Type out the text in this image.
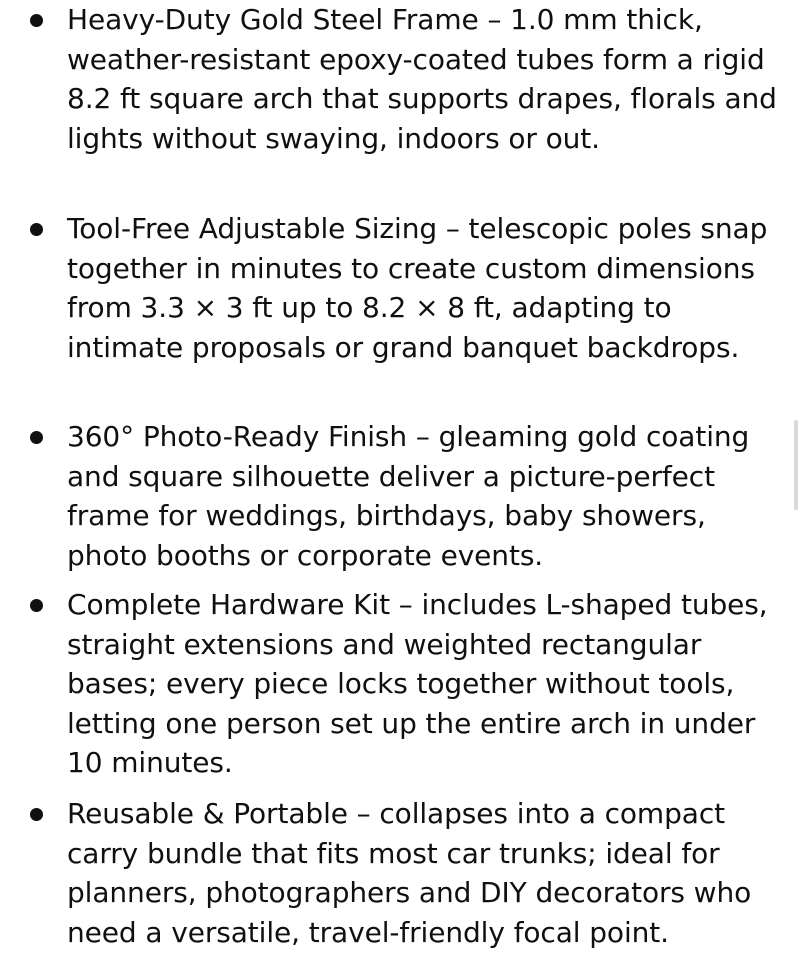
Heavy-Duty Gold Steel Frame – 1.0 mm thick, weather-resistant epoxy-coated tubes form a rigid 8.2 ft square arch that supports drapes, florals and lights without swaying, indoors or out.
Tool-Free Adjustable Sizing – telescopic poles snap together in minutes to create custom dimensions from 3.3 × 3 ft up to 8.2 × 8 ft, adapting to intimate proposals or grand banquet backdrops.
360° Photo-Ready Finish – gleaming gold coating and square silhouette deliver a picture-perfect frame for weddings, birthdays, baby showers, photo booths or corporate events.
Complete Hardware Kit – includes L-shaped tubes, straight extensions and weighted rectangular bases; every piece locks together without tools, letting one person set up the entire arch in under 10 minutes.
Reusable & Portable – collapses into a compact carry bundle that fits most car trunks; ideal for planners, photographers and DIY decorators who need a versatile, travel-friendly focal point.
